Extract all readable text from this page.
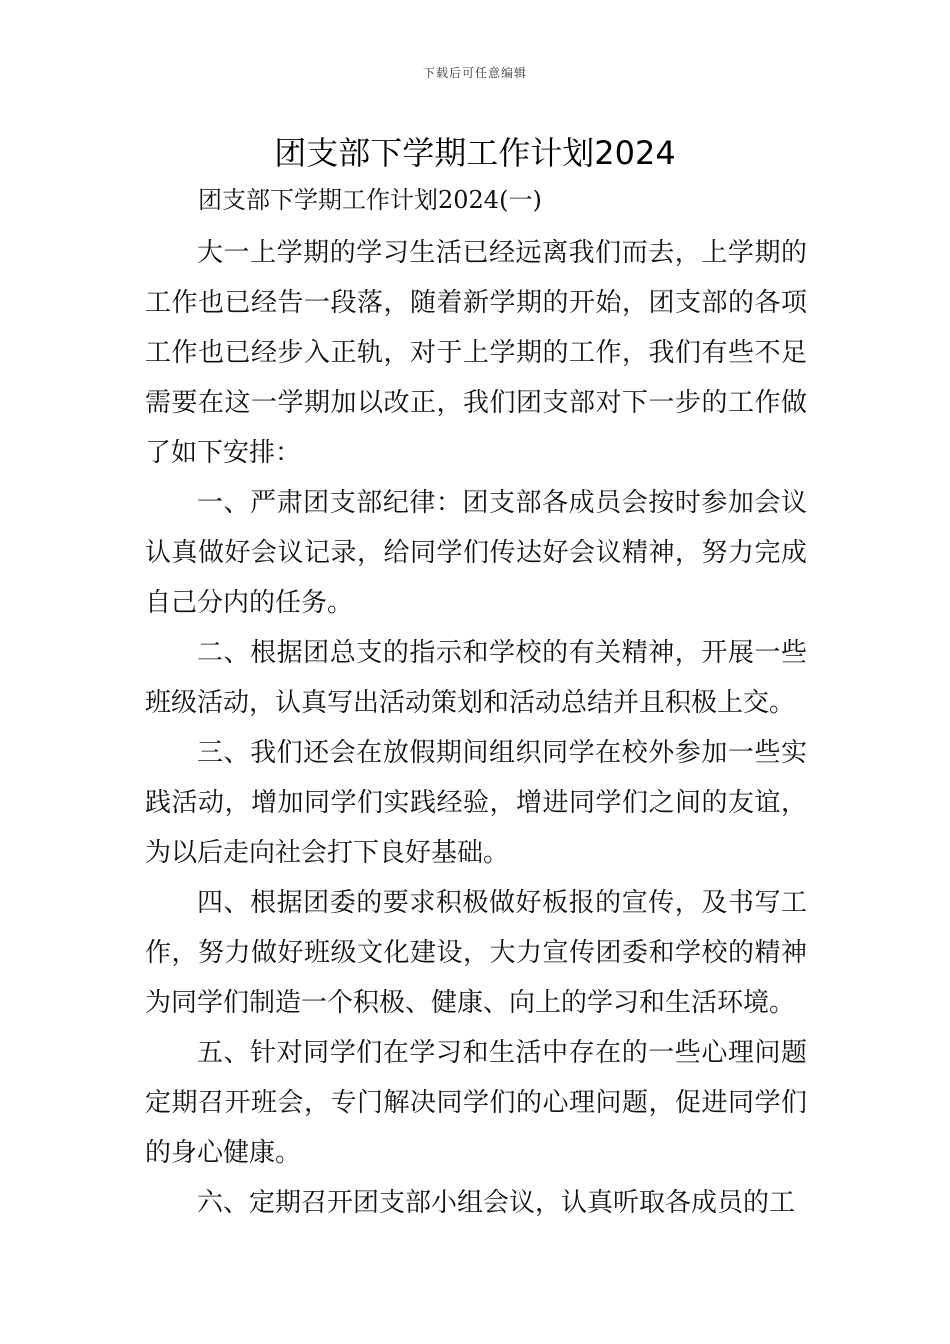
下载后可任意编辑
团支部下学期工作计划2024
团支部下学期工作计划2024(一)

大一上学期的学习生活已经远离我们而去，上学期的工作也已经告一段落，随着新学期的开始，团支部的各项工作也已经步入正轨，对于上学期的工作，我们有些不足需要在这一学期加以改正，我们团支部对下一步的工作做了如下安排：

一、严肃团支部纪律：团支部各成员会按时参加会议认真做好会议记录，给同学们传达好会议精神，努力完成自己分内的任务。

二、根据团总支的指示和学校的有关精神，开展一些班级活动，认真写出活动策划和活动总结并且积极上交。

三、我们还会在放假期间组织同学在校外参加一些实践活动，增加同学们实践经验，增进同学们之间的友谊，为以后走向社会打下良好基础。

四、根据团委的要求积极做好板报的宣传，及书写工作，努力做好班级文化建设，大力宣传团委和学校的精神为同学们制造一个积极、健康、向上的学习和生活环境。

五、针对同学们在学习和生活中存在的一些心理问题定期召开班会，专门解决同学们的心理问题，促进同学们的身心健康。

六、定期召开团支部小组会议，认真听取各成员的工
